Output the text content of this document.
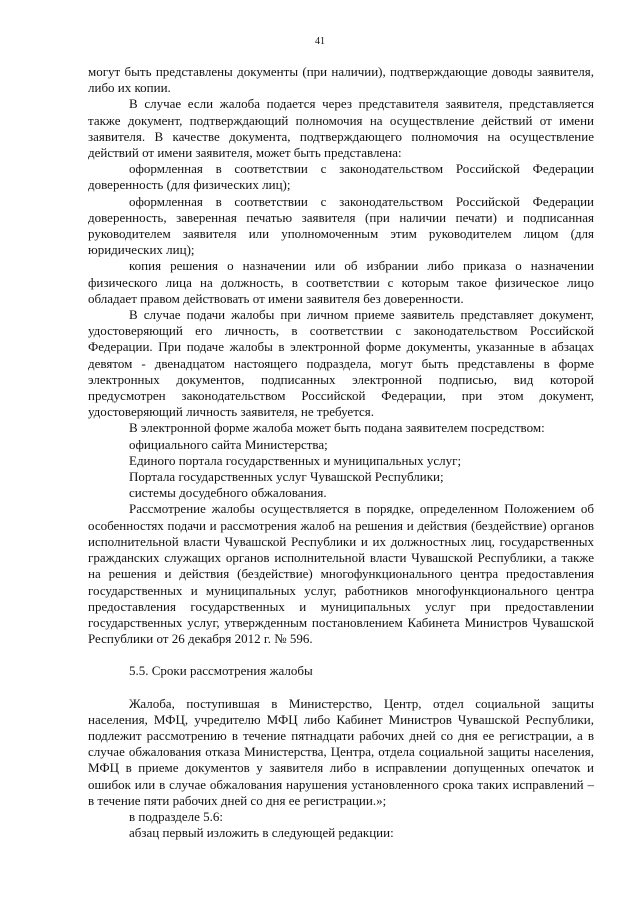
41

могут быть представлены документы (при наличии), подтверждающие доводы заявителя, либо их копии.

В случае если жалоба подается через представителя заявителя, представляется также документ, подтверждающий полномочия на осуществление действий от имени заявителя. В качестве документа, подтверждающего полномочия на осуществление действий от имени заявителя, может быть представлена:

оформленная в соответствии с законодательством Российской Федерации доверенность (для физических лиц);

оформленная в соответствии с законодательством Российской Федерации доверенность, заверенная печатью заявителя (при наличии печати) и подписанная руководителем заявителя или уполномоченным этим руководителем лицом (для юридических лиц);

копия решения о назначении или об избрании либо приказа о назначении физического лица на должность, в соответствии с которым такое физическое лицо обладает правом действовать от имени заявителя без доверенности.

В случае подачи жалобы при личном приеме заявитель представляет документ, удостоверяющий его личность, в соответствии с законодательством Российской Федерации. При подаче жалобы в электронной форме документы, указанные в абзацах девятом - двенадцатом настоящего подраздела, могут быть представлены в форме электронных документов, подписанных электронной подписью, вид которой предусмотрен законодательством Российской Федерации, при этом документ, удостоверяющий личность заявителя, не требуется.

В электронной форме жалоба может быть подана заявителем посредством:

официального сайта Министерства;

Единого портала государственных и муниципальных услуг;

Портала государственных услуг Чувашской Республики;

системы досудебного обжалования.

Рассмотрение жалобы осуществляется в порядке, определенном Положением об особенностях подачи и рассмотрения жалоб на решения и действия (бездействие) органов исполнительной власти Чувашской Республики и их должностных лиц, государственных гражданских служащих органов исполнительной власти Чувашской Республики, а также на решения и действия (бездействие) многофункционального центра предоставления государственных и муниципальных услуг, работников многофункционального центра предоставления государственных и муниципальных услуг при предоставлении государственных услуг, утвержденным постановлением Кабинета Министров Чувашской Республики от 26 декабря 2012 г. № 596.

5.5. Сроки рассмотрения жалобы

Жалоба, поступившая в Министерство, Центр, отдел социальной защиты населения, МФЦ, учредителю МФЦ либо Кабинет Министров Чувашской Республики, подлежит рассмотрению в течение пятнадцати рабочих дней со дня ее регистрации, а в случае обжалования отказа Министерства, Центра, отдела социальной защиты населения, МФЦ в приеме документов у заявителя либо в исправлении допущенных опечаток и ошибок или в случае обжалования нарушения установленного срока таких исправлений – в течение пяти рабочих дней со дня ее регистрации.»;

в подразделе 5.6:

абзац первый изложить в следующей редакции:
